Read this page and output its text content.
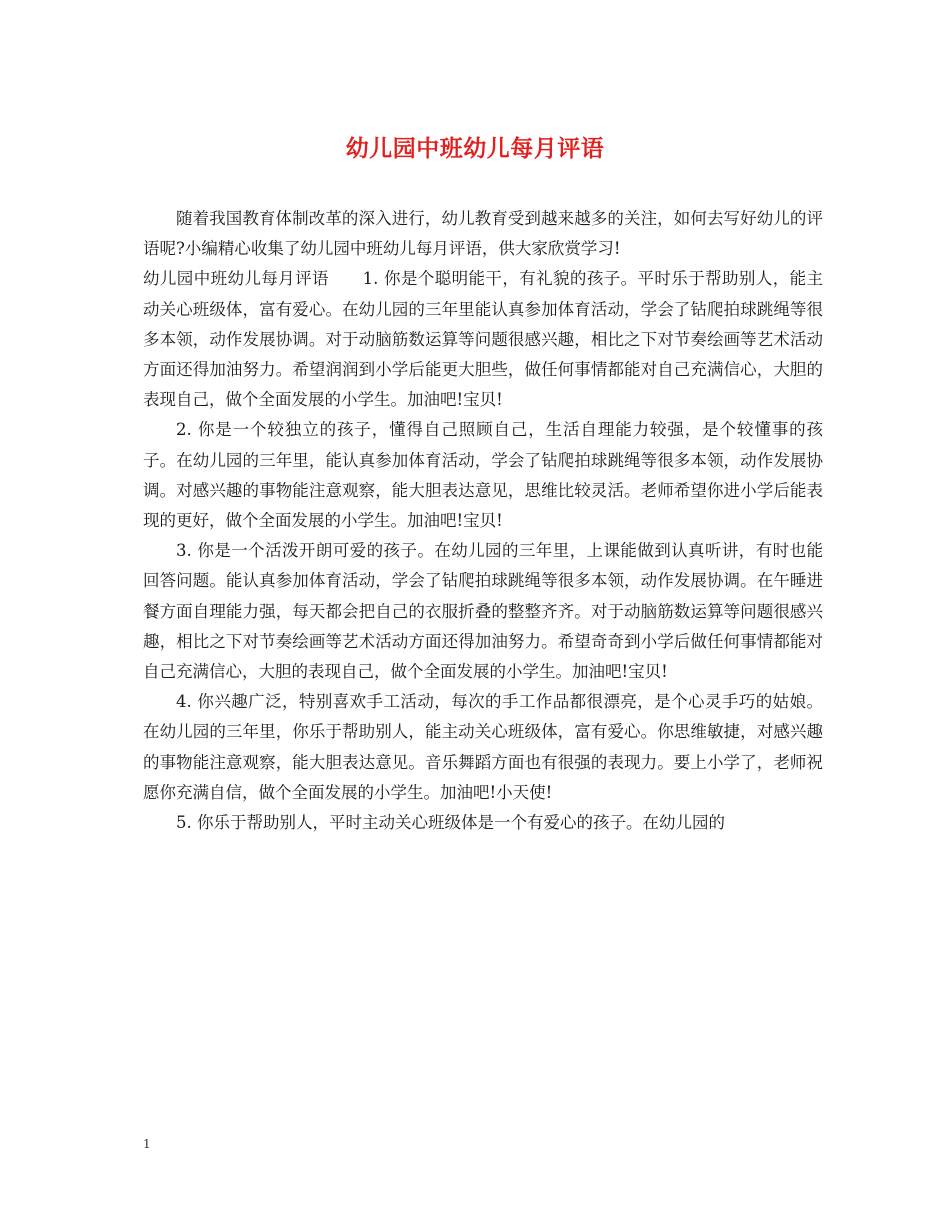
幼儿园中班幼儿每月评语

随着我国教育体制改革的深入进行，幼儿教育受到越来越多的关注，如何去写好幼儿的评语呢?小编精心收集了幼儿园中班幼儿每月评语，供大家欣赏学习!

幼儿园中班幼儿每月评语　　1. 你是个聪明能干，有礼貌的孩子。平时乐于帮助别人，能主动关心班级体，富有爱心。在幼儿园的三年里能认真参加体育活动，学会了钻爬拍球跳绳等很多本领，动作发展协调。对于动脑筋数运算等问题很感兴趣，相比之下对节奏绘画等艺术活动方面还得加油努力。希望润润到小学后能更大胆些，做任何事情都能对自己充满信心，大胆的表现自己，做个全面发展的小学生。加油吧!宝贝!

2. 你是一个较独立的孩子，懂得自己照顾自己，生活自理能力较强，是个较懂事的孩子。在幼儿园的三年里，能认真参加体育活动，学会了钻爬拍球跳绳等很多本领，动作发展协调。对感兴趣的事物能注意观察，能大胆表达意见，思维比较灵活。老师希望你进小学后能表现的更好，做个全面发展的小学生。加油吧!宝贝!

3. 你是一个活泼开朗可爱的孩子。在幼儿园的三年里，上课能做到认真听讲，有时也能回答问题。能认真参加体育活动，学会了钻爬拍球跳绳等很多本领，动作发展协调。在午睡进餐方面自理能力强，每天都会把自己的衣服折叠的整整齐齐。对于动脑筋数运算等问题很感兴趣，相比之下对节奏绘画等艺术活动方面还得加油努力。希望奇奇到小学后做任何事情都能对自己充满信心，大胆的表现自己，做个全面发展的小学生。加油吧!宝贝!

4. 你兴趣广泛，特别喜欢手工活动，每次的手工作品都很漂亮，是个心灵手巧的姑娘。在幼儿园的三年里，你乐于帮助别人，能主动关心班级体，富有爱心。你思维敏捷，对感兴趣的事物能注意观察，能大胆表达意见。音乐舞蹈方面也有很强的表现力。要上小学了，老师祝愿你充满自信，做个全面发展的小学生。加油吧!小天使!

5. 你乐于帮助别人，平时主动关心班级体是一个有爱心的孩子。在幼儿园的

1
